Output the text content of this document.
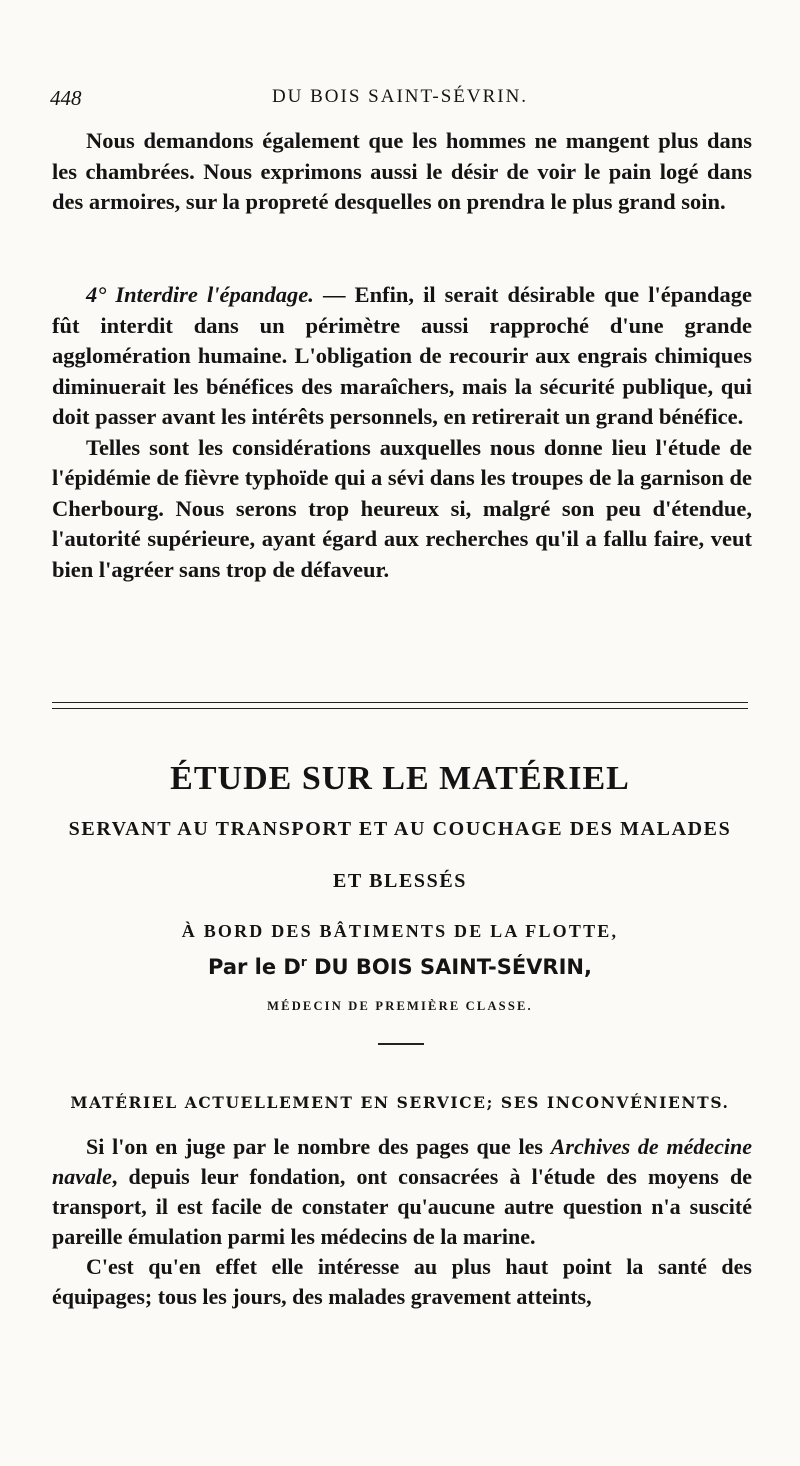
448	DU BOIS SAINT-SÉVRIN.

Nous demandons également que les hommes ne mangent plus dans les chambrées. Nous exprimons aussi le désir de voir le pain logé dans des armoires, sur la propreté desquelles on prendra le plus grand soin.

4° Interdire l'épandage. — Enfin, il serait désirable que l'épandage fût interdit dans un périmètre aussi rapproché d'une grande agglomération humaine. L'obligation de recourir aux engrais chimiques diminuerait les bénéfices des maraîchers, mais la sécurité publique, qui doit passer avant les intérêts personnels, en retirerait un grand bénéfice.

Telles sont les considérations auxquelles nous donne lieu l'étude de l'épidémie de fièvre typhoïde qui a sévi dans les troupes de la garnison de Cherbourg. Nous serons trop heureux si, malgré son peu d'étendue, l'autorité supérieure, ayant égard aux recherches qu'il a fallu faire, veut bien l'agréer sans trop de défaveur.

ÉTUDE SUR LE MATÉRIEL
SERVANT AU TRANSPORT ET AU COUCHAGE DES MALADES
ET BLESSÉS
À BORD DES BÂTIMENTS DE LA FLOTTE,
Par le $D^r$ DU BOIS SAINT-SÉVRIN,
MÉDECIN DE PREMIÈRE CLASSE.
MATÉRIEL ACTUELLEMENT EN SERVICE; SES INCONVÉNIENTS.

Si l'on en juge par le nombre des pages que les Archives de médecine navale, depuis leur fondation, ont consacrées à l'étude des moyens de transport, il est facile de constater qu'aucune autre question n'a suscité pareille émulation parmi les médecins de la marine.

C'est qu'en effet elle intéresse au plus haut point la santé des équipages; tous les jours, des malades gravement atteints,
